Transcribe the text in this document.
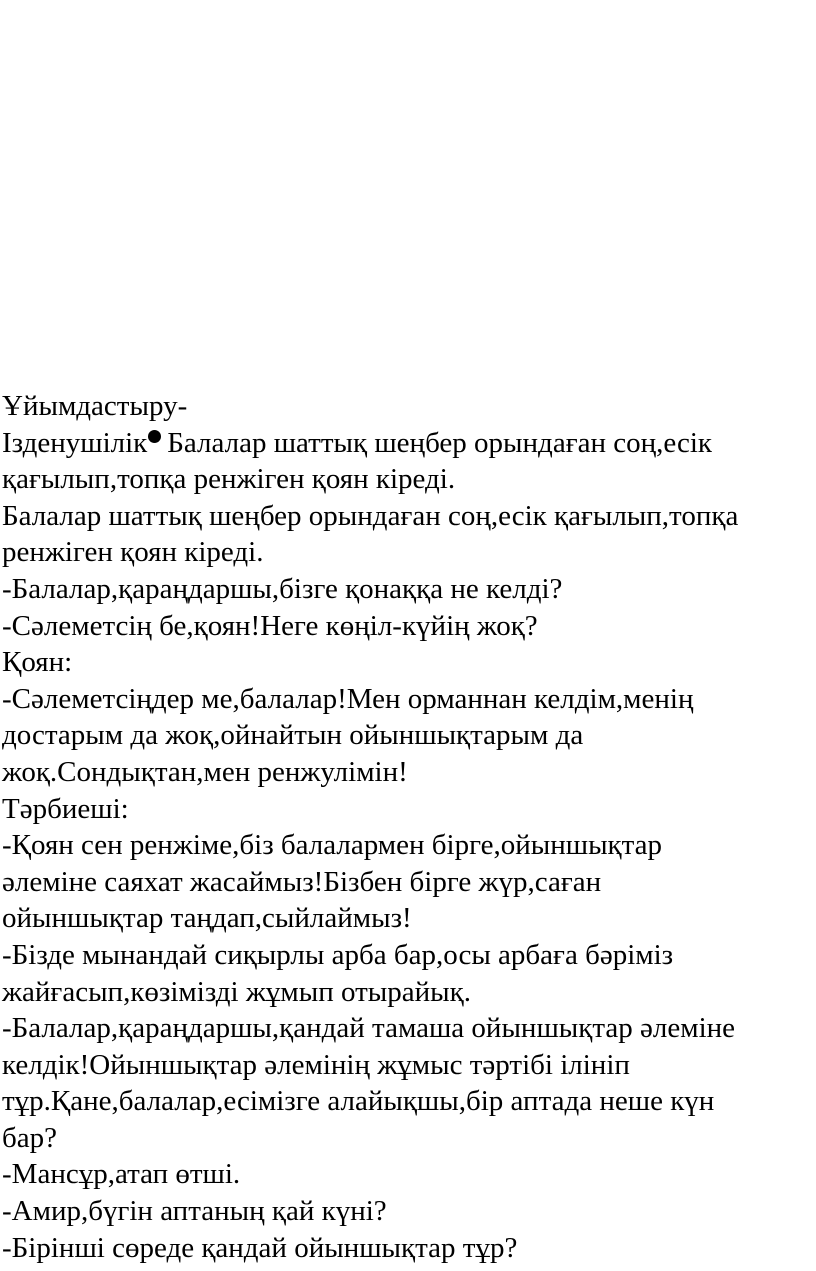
Ұйымдастыру-
Ізденушілік Балалар шаттық шеңбер орындаған соң,есік
қағылып,топқа ренжіген қоян кіреді.
Балалар шаттық шеңбер орындаған соң,есік қағылып,топқа
ренжіген қоян кіреді.
-Балалар,қараңдаршы,бізге қонаққа не келді?
-Сәлеметсің бе,қоян!Неге көңіл-күйің жоқ?
Қоян:
-Сәлеметсіңдер ме,балалар!Мен орманнан келдім,менің
достарым да жоқ,ойнайтын ойыншықтарым да
жоқ.Сондықтан,мен ренжулімін!
Тәрбиеші:
-Қоян сен ренжіме,біз балалармен бірге,ойыншықтар
әлеміне саяхат жасаймыз!Бізбен бірге жүр,саған
ойыншықтар таңдап,сыйлаймыз!
-Бізде мынандай сиқырлы арба бар,осы арбаға бәріміз
жайғасып,көзімізді жұмып отырайық.
-Балалар,қараңдаршы,қандай тамаша ойыншықтар әлеміне
келдік!Ойыншықтар әлемінің жұмыс тәртібі ілініп
тұр.Қане,балалар,есімізге алайықшы,бір аптада неше күн
бар?
-Мансұр,атап өтші.
-Амир,бүгін аптаның қай күні?
-Бірінші сөреде қандай ойыншықтар тұр?
